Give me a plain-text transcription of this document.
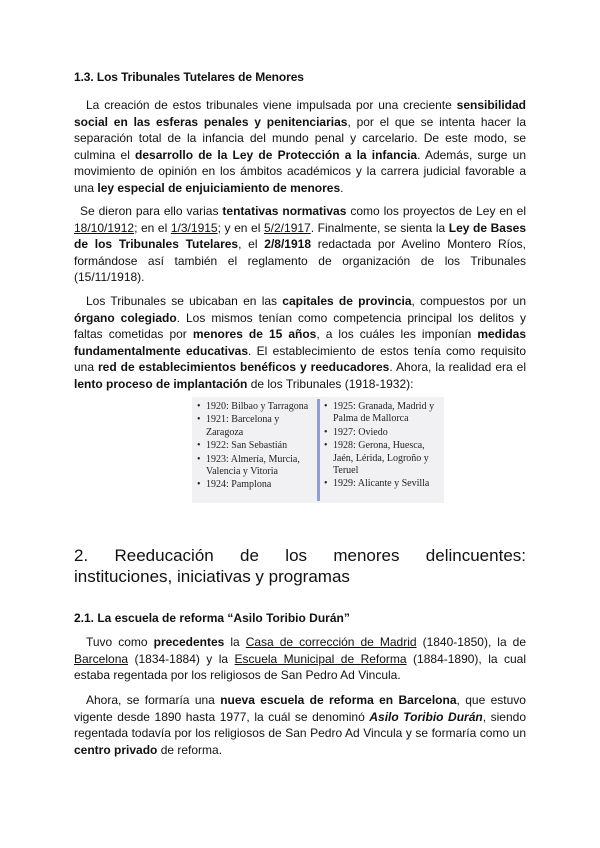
1.3. Los Tribunales Tutelares de Menores

La creación de estos tribunales viene impulsada por una creciente sensibilidad social en las esferas penales y penitenciarias, por el que se intenta hacer la separación total de la infancia del mundo penal y carcelario. De este modo, se culmina el desarrollo de la Ley de Protección a la infancia. Además, surge un movimiento de opinión en los ámbitos académicos y la carrera judicial favorable a una ley especial de enjuiciamiento de menores.

Se dieron para ello varias tentativas normativas como los proyectos de Ley en el 18/10/1912; en el 1/3/1915; y en el 5/2/1917. Finalmente, se sienta la Ley de Bases de los Tribunales Tutelares, el 2/8/1918 redactada por Avelino Montero Ríos, formándose así también el reglamento de organización de los Tribunales (15/11/1918).

Los Tribunales se ubicaban en las capitales de provincia, compuestos por un órgano colegiado. Los mismos tenían como competencia principal los delitos y faltas cometidas por menores de 15 años, a los cuáles les imponían medidas fundamentalmente educativas. El establecimiento de estos tenía como requisito una red de establecimientos benéficos y reeducadores. Ahora, la realidad era el lento proceso de implantación de los Tribunales (1918-1932):

• 1920: Bilbao y Tarragona
• 1921: Barcelona y Zaragoza
• 1922: San Sebastián
• 1923: Almería, Murcia, Valencia y Vitoria
• 1924: Pamplona
• 1925: Granada, Madrid y Palma de Mallorca
• 1927: Oviedo
• 1928: Gerona, Huesca, Jaén, Lérida, Logroño y Teruel
• 1929: Alicante y Sevilla
2. Reeducación de los menores delincuentes:
instituciones, iniciativas y programas
2.1. La escuela de reforma “Asilo Toribio Durán”

Tuvo como precedentes la Casa de corrección de Madrid (1840-1850), la de Barcelona (1834-1884) y la Escuela Municipal de Reforma (1884-1890), la cual estaba regentada por los religiosos de San Pedro Ad Vincula.

Ahora, se formaría una nueva escuela de reforma en Barcelona, que estuvo vigente desde 1890 hasta 1977, la cuál se denominó Asilo Toribio Durán, siendo regentada todavía por los religiosos de San Pedro Ad Vincula y se formaría como un centro privado de reforma.
